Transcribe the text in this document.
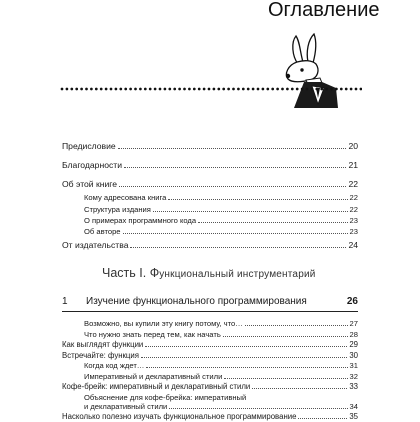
Оглавление
Предисловие	20
Благодарности	21
Об этой книге	22
Кому адресована книга	22
Структура издания	22
О примерах программного кода	23
Об авторе	23
От издательства	24
Часть I. Функциональный инструментарий
1 Изучение функционального программирования	26
Возможно, вы купили эту книгу потому, что…	27
Что нужно знать перед тем, как начать	28
Как выглядят функции	29
Встречайте: функция	30
Когда код ждет…	31
Императивный и декларативный стили	32
Кофе-брейк: императивный и декларативный стили	33
Объяснение для кофе-брейка: императивный
и декларативный стили	34
Насколько полезно изучать функциональное программирование	35
